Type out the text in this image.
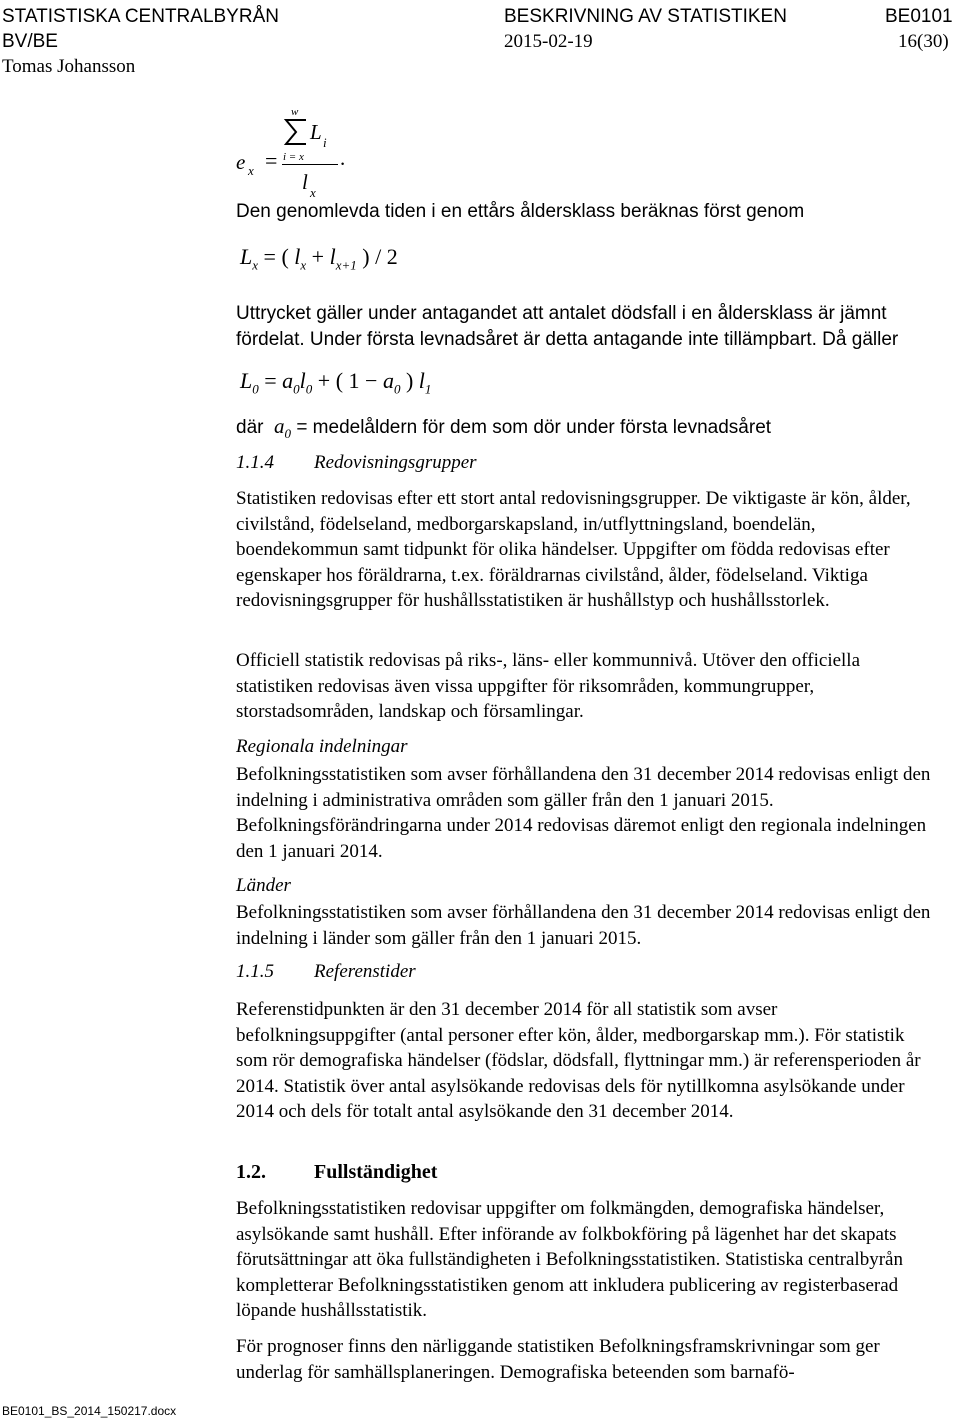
STATISTISKA CENTRALBYRÅN	BESKRIVNING AV STATISTIKEN	BE0101
BV/BE	2015-02-19	16(30)
Tomas Johansson
e x =
w
i = x
L i
l x
.
Den genomlevda tiden i en ettårs åldersklass beräknas först genom
$L_x$ = ( $l_x + l_{x+1}$ ) / 2
Uttrycket gäller under antagandet att antalet dödsfall i en åldersklass är jämnt fördelat. Under första levnadsåret är detta antagande inte tillämpbart. Då gäller
$L_0 = a_0l_0$ + ( $1 - a_0$ ) $l_1$
där $a_0$ = medelåldern för dem som dör under första levnadsåret
1.1.4 Redovisningsgrupper
Statistiken redovisas efter ett stort antal redovisningsgrupper. De viktigaste är kön, ålder, civilstånd, födelseland, medborgarskapsland, in/utflyttningsland, boendelän, boendekommun samt tidpunkt för olika händelser. Uppgifter om födda redovisas efter egenskaper hos föräldrarna, t.ex. föräldrarnas civilstånd, ålder, födelseland. Viktiga redovisningsgrupper för hushållsstatistiken är hushållstyp och hushållsstorlek.
Officiell statistik redovisas på riks-, läns- eller kommunnivå. Utöver den officiella statistiken redovisas även vissa uppgifter för riksområden, kommungrupper, storstadsområden, landskap och församlingar.
Regionala indelningar
Befolkningsstatistiken som avser förhållandena den 31 december 2014 redovisas enligt den indelning i administrativa områden som gäller från den 1 januari 2015. Befolkningsförändringarna under 2014 redovisas däremot enligt den regionala indelningen den 1 januari 2014.
Länder
Befolkningsstatistiken som avser förhållandena den 31 december 2014 redovisas enligt den indelning i länder som gäller från den 1 januari 2015.
1.1.5 Referenstider
Referenstidpunkten är den 31 december 2014 för all statistik som avser befolkningsuppgifter (antal personer efter kön, ålder, medborgarskap mm.). För statistik som rör demografiska händelser (födslar, dödsfall, flyttningar mm.) är referensperioden år 2014. Statistik över antal asylsökande redovisas dels för nytillkomna asylsökande under 2014 och dels för totalt antal asylsökande den 31 december 2014.
1.2. Fullständighet
Befolkningsstatistiken redovisar uppgifter om folkmängden, demografiska händelser, asylsökande samt hushåll. Efter införande av folkbokföring på lägenhet har det skapats förutsättningar att öka fullständigheten i Befolkningsstatistiken. Statistiska centralbyrån kompletterar Befolkningsstatistiken genom att inkludera publicering av registerbaserad löpande hushållsstatistik.
För prognoser finns den närliggande statistiken Befolkningsframskrivningar som ger underlag för samhällsplaneringen. Demografiska beteenden som barnafö-
BE0101_BS_2014_150217.docx
